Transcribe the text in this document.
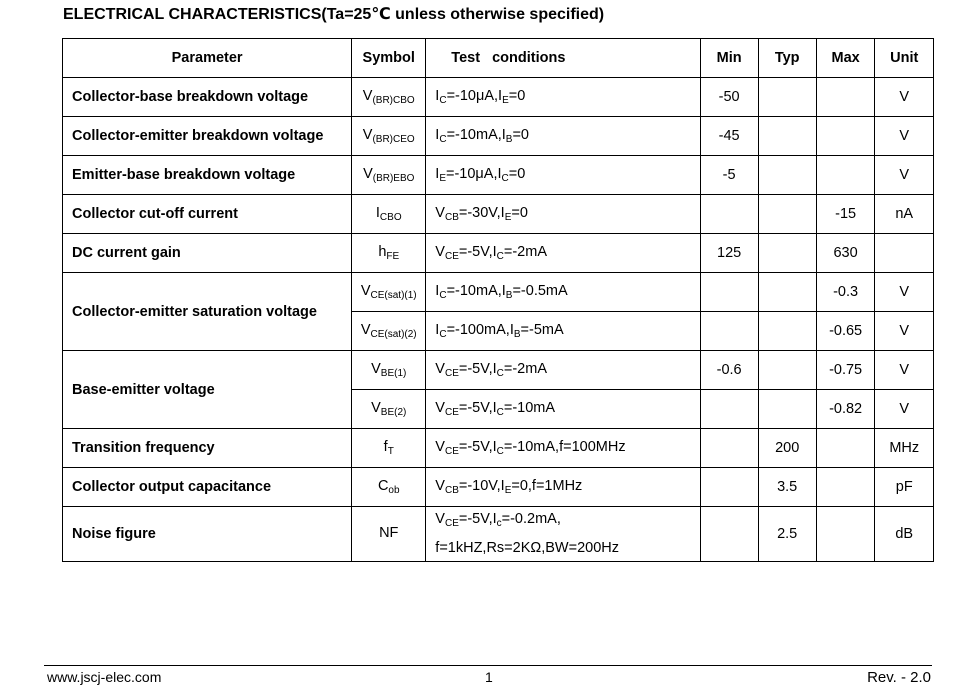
ELECTRICAL CHARACTERISTICS(Ta=25℃ unless otherwise specified)
Parameter	Symbol	Test   conditions	Min	Typ	Max	Unit
Collector-base breakdown voltage	$V_{(BR)CBO}$	$I_C=-10\mu A,I_E=0$	-50			V
Collector-emitter breakdown voltage	$V_{(BR)CEO}$	$I_C=-10mA,I_B=0$	-45			V
Emitter-base breakdown voltage	$V_{(BR)EBO}$	$I_E=-10\mu A,I_C=0$	-5			V
Collector cut-off current	$I_{CBO}$	$V_{CB}=-30V,I_E=0$			-15	nA
DC current gain	$h_{FE}$	$V_{CE}=-5V,I_C=-2mA$	125		630	
Collector-emitter saturation voltage	$V_{CE(sat)(1)}$	$I_C=-10mA,I_B=-0.5mA$			-0.3	V
	$V_{CE(sat)(2)}$	$I_C=-100mA,I_B=-5mA$			-0.65	V
Base-emitter voltage	$V_{BE(1)}$	$V_{CE}=-5V,I_C=-2mA$	-0.6		-0.75	V
	$V_{BE(2)}$	$V_{CE}=-5V,I_C=-10mA$			-0.82	V
Transition frequency	$f_T$	$V_{CE}=-5V,I_C=-10mA,f=100MHz$		200		MHz
Collector output capacitance	$C_{ob}$	$V_{CB}=-10V,I_E=0,f=1MHz$		3.5		pF
Noise figure	NF	$V_{CE}=-5V,I_c=-0.2mA$,
f=1kHZ,Rs=2KΩ,BW=200Hz		2.5		dB
www.jscj-elec.com	1	Rev. - 2.0
